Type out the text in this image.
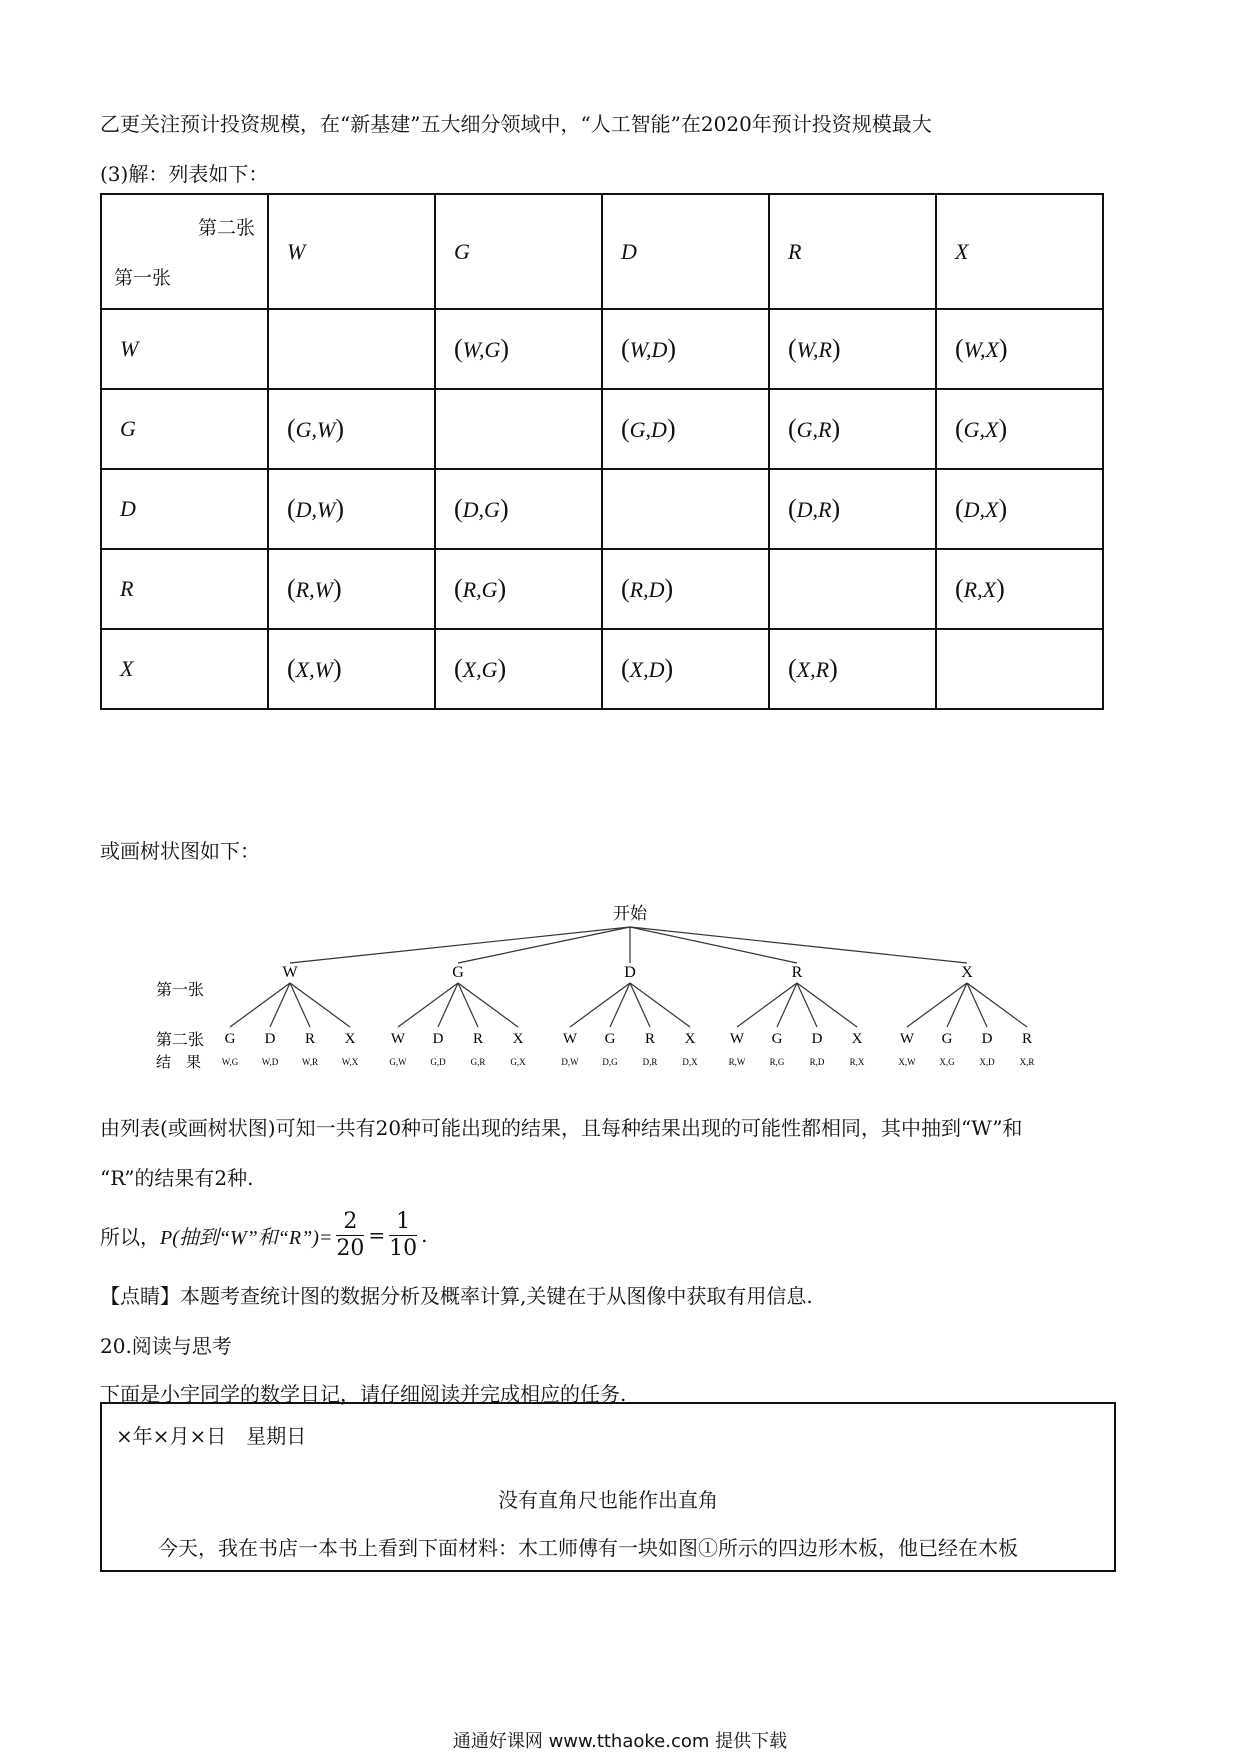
乙更关注预计投资规模，在“新基建”五大细分领域中，“人工智能”在2020年预计投资规模最大
(3)解：列表如下：
第二张
第一张	W	G	D	R	X
W		(W,G)	(W,D)	(W,R)	(W,X)
G	(G,W)		(G,D)	(G,R)	(G,X)
D	(D,W)	(D,G)		(D,R)	(D,X)
R	(R,W)	(R,G)	(R,D)		(R,X)
X	(X,W)	(X,G)	(X,D)	(X,R)	
或画树状图如下：
开始
第一张
第二张
结　果
W
G
W,G
D
W,D
R
W,R
X
W,X
G
W
G,W
D
G,D
R
G,R
X
G,X
D
W
D,W
G
D,G
R
D,R
X
D,X
R
W
R,W
G
R,G
D
R,D
X
R,X
X
W
X,W
G
X,G
D
X,D
R
X,R
由列表(或画树状图)可知一共有20种可能出现的结果，且每种结果出现的可能性都相同，其中抽到“W”和
“R”的结果有2种.
所以， P(抽到“W”和“R”)= $\frac{2}{20} = \frac{1}{10}$ .
【点睛】本题考查统计图的数据分析及概率计算,关键在于从图像中获取有用信息.
20.阅读与思考
下面是小宇同学的数学日记，请仔细阅读并完成相应的任务.
×年×月×日　星期日
没有直角尺也能作出直角
今天，我在书店一本书上看到下面材料：木工师傅有一块如图①所示的四边形木板，他已经在木板
通通好课网 www.tthaoke.com 提供下载
